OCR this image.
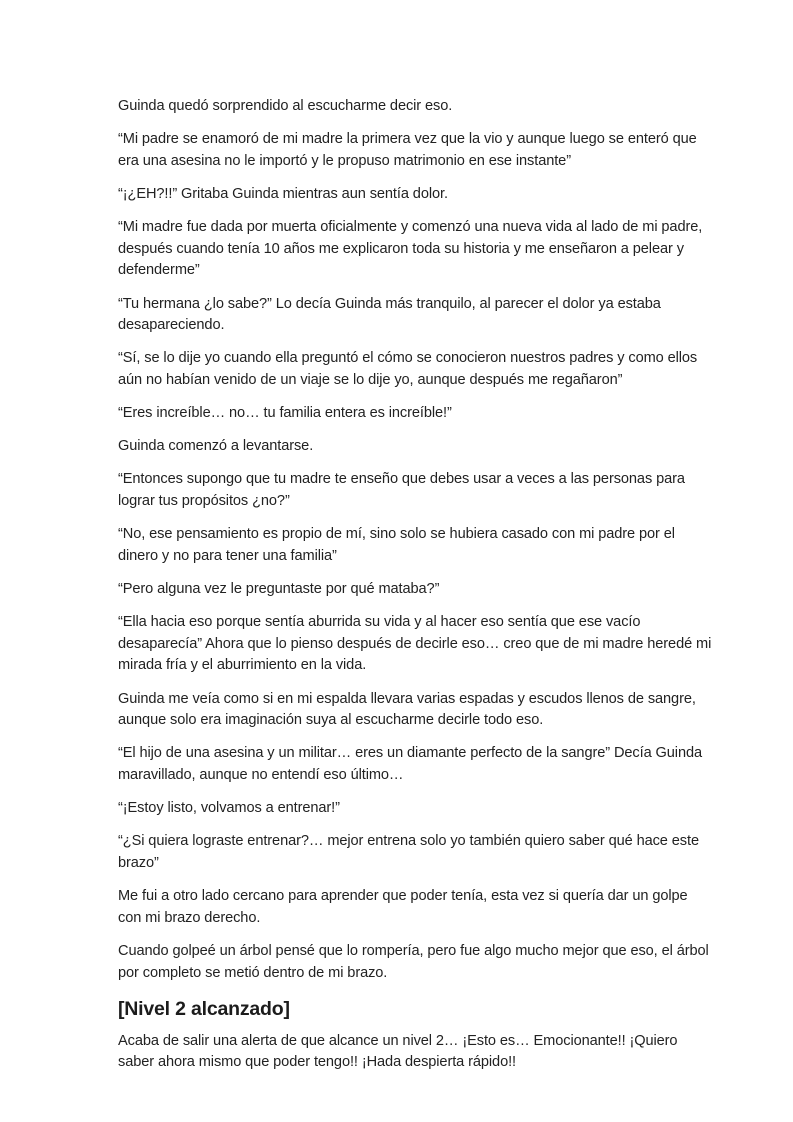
Guinda quedó sorprendido al escucharme decir eso.

“Mi padre se enamoró de mi madre la primera vez que la vio y aunque luego se enteró que era una asesina no le importó y le propuso matrimonio en ese instante”

“¡¿EH?!!” Gritaba Guinda mientras aun sentía dolor.

“Mi madre fue dada por muerta oficialmente y comenzó una nueva vida al lado de mi padre, después cuando tenía 10 años me explicaron toda su historia y me enseñaron a pelear y defenderme”

“Tu hermana ¿lo sabe?” Lo decía Guinda más tranquilo, al parecer el dolor ya estaba desapareciendo.

“Sí, se lo dije yo cuando ella preguntó el cómo se conocieron nuestros padres y como ellos aún no habían venido de un viaje se lo dije yo, aunque después me regañaron”

“Eres increíble… no… tu familia entera es increíble!”

Guinda comenzó a levantarse.

“Entonces supongo que tu madre te enseño que debes usar a veces a las personas para lograr tus propósitos ¿no?”

“No, ese pensamiento es propio de mí, sino solo se hubiera casado con mi padre por el dinero y no para tener una familia”

“Pero alguna vez le preguntaste por qué mataba?”

“Ella hacia eso porque sentía aburrida su vida y al hacer eso sentía que ese vacío desaparecía” Ahora que lo pienso después de decirle eso… creo que de mi madre heredé mi mirada fría y el aburrimiento en la vida.

Guinda me veía como si en mi espalda llevara varias espadas y escudos llenos de sangre, aunque solo era imaginación suya al escucharme decirle todo eso.

“El hijo de una asesina y un militar… eres un diamante perfecto de la sangre” Decía Guinda maravillado, aunque no entendí eso último…

“¡Estoy listo, volvamos a entrenar!”

“¿Si quiera lograste entrenar?… mejor entrena solo yo también quiero saber qué hace este brazo”

Me fui a otro lado cercano para aprender que poder tenía, esta vez si quería dar un golpe con mi brazo derecho.

Cuando golpeé un árbol pensé que lo rompería, pero fue algo mucho mejor que eso, el árbol por completo se metió dentro de mi brazo.

[Nivel 2 alcanzado]

Acaba de salir una alerta de que alcance un nivel 2… ¡Esto es… Emocionante!! ¡Quiero saber ahora mismo que poder tengo!! ¡Hada despierta rápido!!
